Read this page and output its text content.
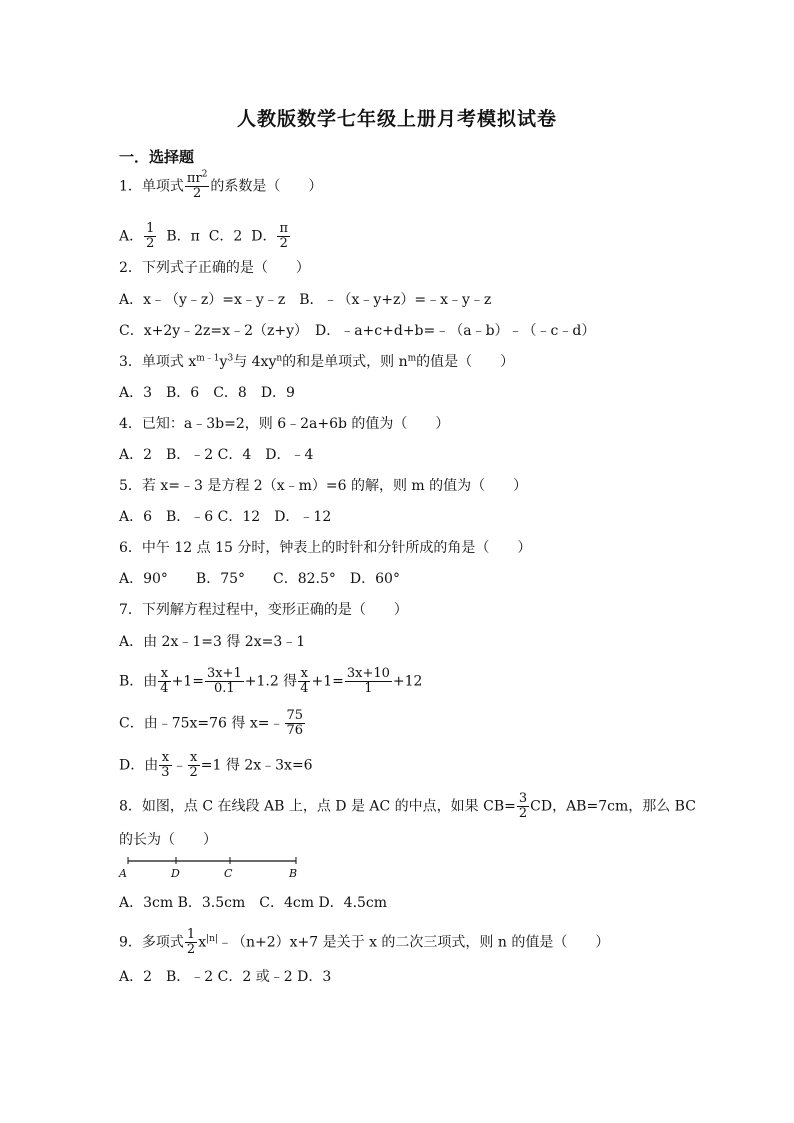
人教版数学七年级上册月考模拟试卷
一．选择题
1．单项式 $\frac{\pi r^2}{2}$ 的系数是（　　）
A． $\frac{1}{2}$ B．π C．2 D． $\frac{\pi}{2}$
2．下列式子正确的是（　　）
A．x﹣（y﹣z）=x﹣y﹣z　B．﹣（x﹣y+z）=﹣x﹣y﹣z
C．x+2y﹣2z=x﹣2（z+y）　D．﹣a+c+d+b=﹣（a﹣b）﹣（﹣c﹣d）
3．单项式 $x^{m﹣1}y^3$与 $4xy^n$的和是单项式，则 $n^m$的值是（　　）
A．3　B．6　C．8　D．9
4．已知：a﹣3b=2，则 6﹣2a+6b 的值为（　　）
A．2　B．﹣2 C．4　D．﹣4
5．若 x=﹣3 是方程 2（x﹣m）=6 的解，则 m 的值为（　　）
A．6　B．﹣6 C．12　D．﹣12
6．中午 12 点 15 分时，钟表上的时针和分针所成的角是（　　）
A．90°　　B．75°　　C．82.5°　D．60°
7．下列解方程过程中，变形正确的是（　　）
A．由 2x﹣1=3 得 2x=3﹣1
B．由 $\frac{x}{4} +1= \frac{3x+1}{0.1} +1.2$ 得 $\frac{x}{4} +1= \frac{3x+10}{1} +12$
C．由﹣75x=76 得 x=﹣ $\frac{75}{76}$
D．由 $\frac{x}{3}$ ﹣ $\frac{x}{2} =1$ 得 2x﹣3x=6
8．如图，点 C 在线段 AB 上，点 D 是 AC 的中点，如果 $CB= \frac{3}{2}$ CD，AB=7cm，那么 BC
的长为（　　）
A	D	C	B
A．3cm B．3.5cm　C．4cm D．4.5cm
9．多项式 $\frac{1}{2}$ $x^{|n|}﹣(n+2)x+7$ 是关于 x 的二次三项式，则 n 的值是（　　）
A．2　B．﹣2 C．2 或﹣2 D．3
